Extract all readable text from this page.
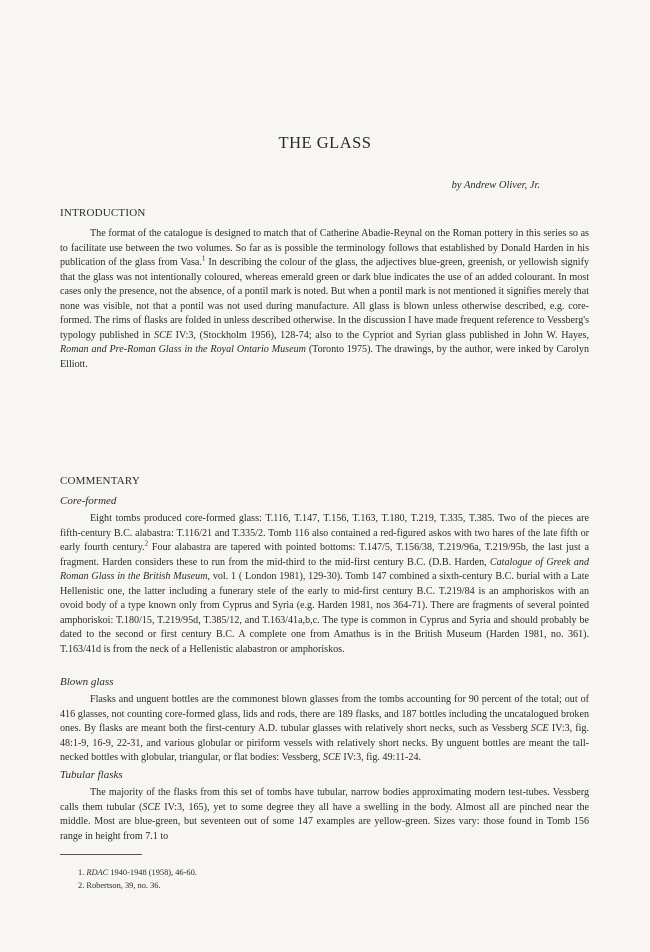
THE GLASS
by Andrew Oliver, Jr.
INTRODUCTION

The format of the catalogue is designed to match that of Catherine Abadie-Reynal on the Roman pottery in this series so as to facilitate use between the two volumes. So far as is possible the terminology follows that established by Donald Harden in his publication of the glass from Vasa.$^1$ In describing the colour of the glass, the adjectives blue-green, greenish, or yellowish signify that the glass was not intentionally coloured, whereas emerald green or dark blue indicates the use of an added colourant. In most cases only the presence, not the absence, of a pontil mark is noted. But when a pontil mark is not mentioned it signifies merely that none was visible, not that a pontil was not used during manufacture. All glass is blown unless otherwise described, e.g. core-formed. The rims of flasks are folded in unless described otherwise. In the discussion I have made frequent reference to Vessberg's typology published in SCE IV:3, (Stockholm 1956), 128-74; also to the Cypriot and Syrian glass published in John W. Hayes, Roman and Pre-Roman Glass in the Royal Ontario Museum (Toronto 1975). The drawings, by the author, were inked by Carolyn Elliott.

COMMENTARY
Core-formed

Eight tombs produced core-formed glass: T.116, T.147, T.156, T.163, T.180, T.219, T.335, T.385. Two of the pieces are fifth-century B.C. alabastra: T.116/21 and T.335/2. Tomb 116 also contained a red-figured askos with two hares of the late fifth or early fourth century.$^2$ Four alabastra are tapered with pointed bottoms: T.147/5, T.156/38, T.219/96a, T.219/95b, the last just a fragment. Harden considers these to run from the mid-third to the mid-first century B.C. (D.B. Harden, Catalogue of Greek and Roman Glass in the British Museum, vol. 1 ( London 1981), 129-30). Tomb 147 combined a sixth-century B.C. burial with a Late Hellenistic one, the latter including a funerary stele of the early to mid-first century B.C. T.219/84 is an amphoriskos with an ovoid body of a type known only from Cyprus and Syria (e.g. Harden 1981, nos 364-71). There are fragments of several pointed amphoriskoi: T.180/15, T.219/95d, T.385/12, and T.163/41a,b,c. The type is common in Cyprus and Syria and should probably be dated to the second or first century B.C. A complete one from Amathus is in the British Museum (Harden 1981, no. 361). T.163/41d is from the neck of a Hellenistic alabastron or amphoriskos.

Blown glass

Flasks and unguent bottles are the commonest blown glasses from the tombs accounting for 90 percent of the total; out of 416 glasses, not counting core-formed glass, lids and rods, there are 189 flasks, and 187 bottles including the uncatalogued broken ones. By flasks are meant both the first-century A.D. tubular glasses with relatively short necks, such as Vessberg SCE IV:3, fig. 48:1-9, 16-9, 22-31, and various globular or piriform vessels with relatively short necks. By unguent bottles are meant the tall-necked bottles with globular, triangular, or flat bodies: Vessberg, SCE IV:3, fig. 49:11-24.

Tubular flasks

The majority of the flasks from this set of tombs have tubular, narrow bodies approximating modern test-tubes. Vessberg calls them tubular (SCE IV:3, 165), yet to some degree they all have a swelling in the body. Almost all are pinched near the middle. Most are blue-green, but seventeen out of some 147 examples are yellow-green. Sizes vary: those found in Tomb 156 range in height from 7.1 to

1. RDAC 1940-1948 (1958), 46-60.
2. Robertson, 39, no. 36.
